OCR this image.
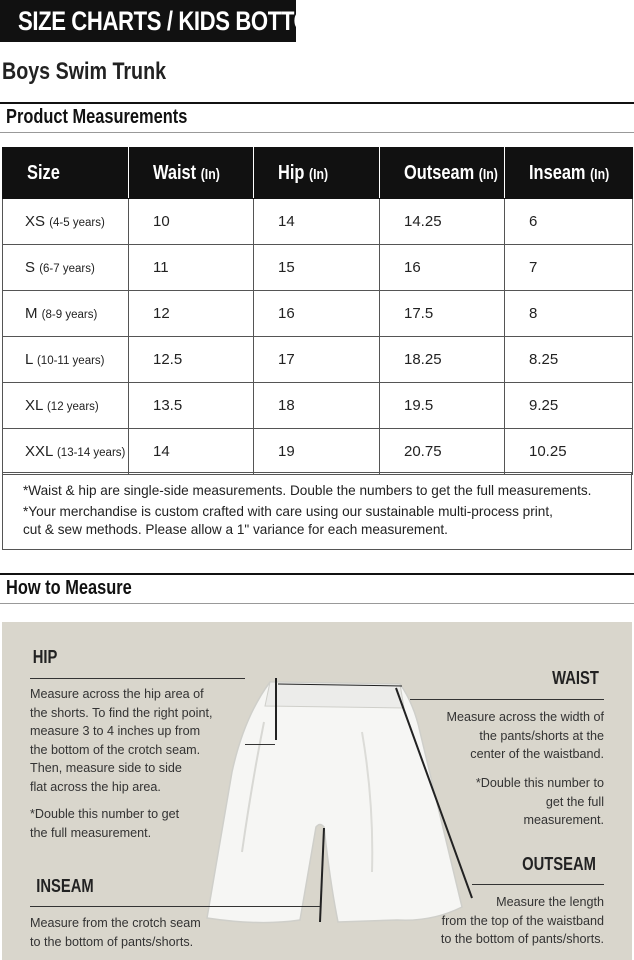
SIZE CHARTS / KIDS BOTTOMS
Boys Swim Trunk
Product Measurements
Size	Waist (In)	Hip (In)	Outseam (In)	Inseam (In)
XS (4-5 years)	10	14	14.25	6
S (6-7 years)	11	15	16	7
M (8-9 years)	12	16	17.5	8
L (10-11 years)	12.5	17	18.25	8.25
XL (12 years)	13.5	18	19.5	9.25
XXL (13-14 years)	14	19	20.75	10.25

*Waist & hip are single-side measurements. Double the numbers to get the full measurements.

*Your merchandise is custom crafted with care using our sustainable multi-process print,
cut & sew methods. Please allow a 1" variance for each measurement.
How to Measure
HIP
Measure across the hip area of
the shorts. To find the right point,
measure 3 to 4 inches up from
the bottom of the crotch seam.
Then, measure side to side
flat across the hip area.
*Double this number to get
the full measurement.
WAIST
Measure across the width of
the pants/shorts at the
center of the waistband.
*Double this number to
get the full
measurement.
INSEAM
Measure from the crotch seam
to the bottom of pants/shorts.
OUTSEAM
Measure the length
from the top of the waistband
to the bottom of pants/shorts.
